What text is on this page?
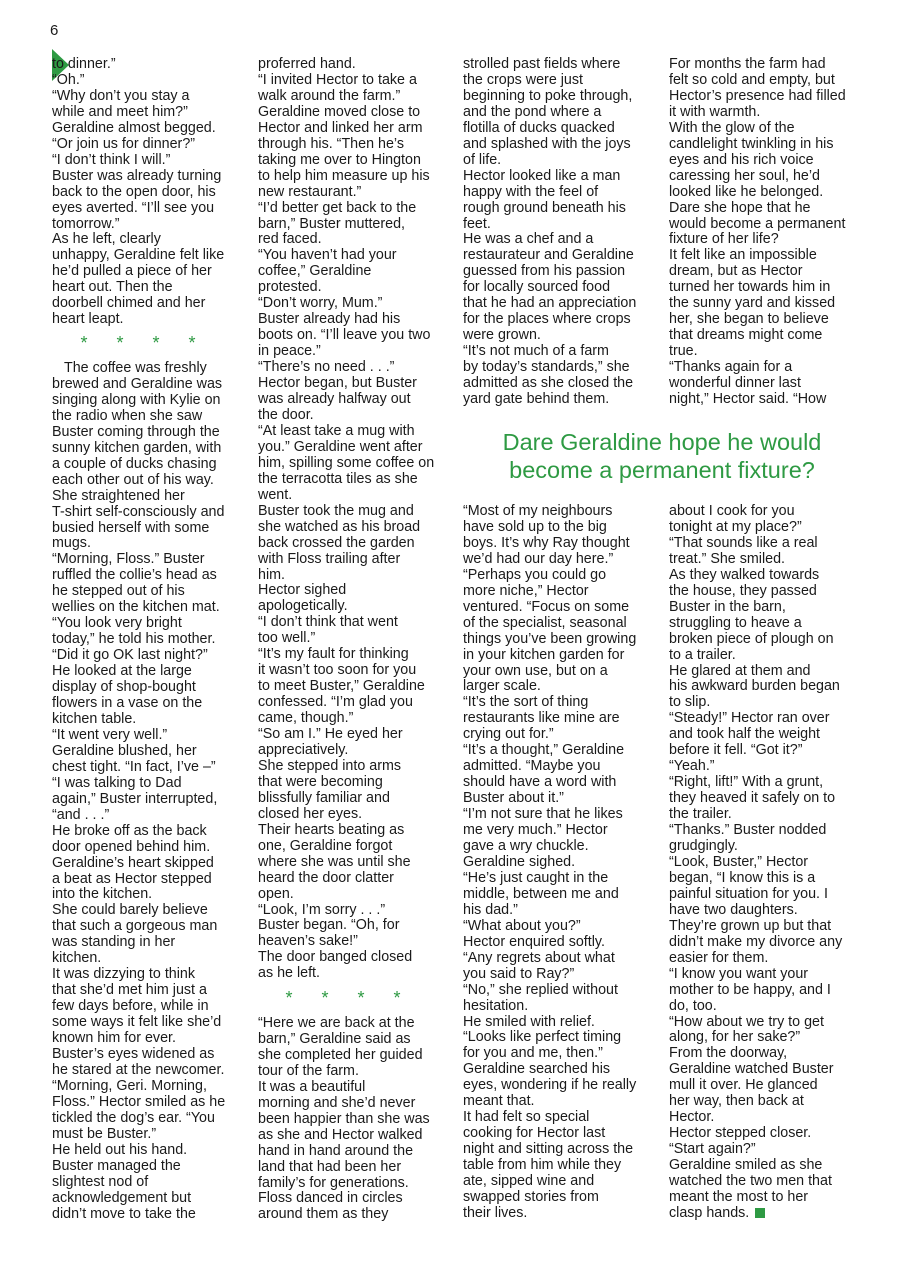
6
to dinner.”
“Oh.”
“Why don’t you stay a
while and meet him?”
Geraldine almost begged.
“Or join us for dinner?”
“I don’t think I will.”
Buster was already turning
back to the open door, his
eyes averted. “I’ll see you
tomorrow.”
As he left, clearly
unhappy, Geraldine felt like
he’d pulled a piece of her
heart out. Then the
doorbell chimed and her
heart leapt.
* * * *
The coffee was freshly
brewed and Geraldine was
singing along with Kylie on
the radio when she saw
Buster coming through the
sunny kitchen garden, with
a couple of ducks chasing
each other out of his way.
She straightened her
T-shirt self-consciously and
busied herself with some
mugs.
“Morning, Floss.” Buster
ruffled the collie’s head as
he stepped out of his
wellies on the kitchen mat.
“You look very bright
today,” he told his mother.
“Did it go OK last night?”
He looked at the large
display of shop-bought
flowers in a vase on the
kitchen table.
“It went very well.”
Geraldine blushed, her
chest tight. “In fact, I’ve –”
“I was talking to Dad
again,” Buster interrupted,
“and . . .”
He broke off as the back
door opened behind him.
Geraldine’s heart skipped
a beat as Hector stepped
into the kitchen.
She could barely believe
that such a gorgeous man
was standing in her
kitchen.
It was dizzying to think
that she’d met him just a
few days before, while in
some ways it felt like she’d
known him for ever.
Buster’s eyes widened as
he stared at the newcomer.
“Morning, Geri. Morning,
Floss.” Hector smiled as he
tickled the dog’s ear. “You
must be Buster.”
He held out his hand.
Buster managed the
slightest nod of
acknowledgement but
didn’t move to take the
proferred hand.
“I invited Hector to take a
walk around the farm.”
Geraldine moved close to
Hector and linked her arm
through his. “Then he’s
taking me over to Hington
to help him measure up his
new restaurant.”
“I’d better get back to the
barn,” Buster muttered,
red faced.
“You haven’t had your
coffee,” Geraldine
protested.
“Don’t worry, Mum.”
Buster already had his
boots on. “I’ll leave you two
in peace.”
“There’s no need . . .”
Hector began, but Buster
was already halfway out
the door.
“At least take a mug with
you.” Geraldine went after
him, spilling some coffee on
the terracotta tiles as she
went.
Buster took the mug and
she watched as his broad
back crossed the garden
with Floss trailing after
him.
Hector sighed
apologetically.
“I don’t think that went
too well.”
“It’s my fault for thinking
it wasn’t too soon for you
to meet Buster,” Geraldine
confessed. “I’m glad you
came, though.”
“So am I.” He eyed her
appreciatively.
She stepped into arms
that were becoming
blissfully familiar and
closed her eyes.
Their hearts beating as
one, Geraldine forgot
where she was until she
heard the door clatter
open.
“Look, I’m sorry . . .”
Buster began. “Oh, for
heaven’s sake!”
The door banged closed
as he left.
* * * *
“Here we are back at the
barn,” Geraldine said as
she completed her guided
tour of the farm.
It was a beautiful
morning and she’d never
been happier than she was
as she and Hector walked
hand in hand around the
land that had been her
family’s for generations.
Floss danced in circles
around them as they
strolled past fields where
the crops were just
beginning to poke through,
and the pond where a
flotilla of ducks quacked
and splashed with the joys
of life.
Hector looked like a man
happy with the feel of
rough ground beneath his
feet.
He was a chef and a
restaurateur and Geraldine
guessed from his passion
for locally sourced food
that he had an appreciation
for the places where crops
were grown.
“It’s not much of a farm
by today’s standards,” she
admitted as she closed the
yard gate behind them.
For months the farm had
felt so cold and empty, but
Hector’s presence had filled
it with warmth.
With the glow of the
candlelight twinkling in his
eyes and his rich voice
caressing her soul, he’d
looked like he belonged.
Dare she hope that he
would become a permanent
fixture of her life?
It felt like an impossible
dream, but as Hector
turned her towards him in
the sunny yard and kissed
her, she began to believe
that dreams might come
true.
“Thanks again for a
wonderful dinner last
night,” Hector said. “How
Dare Geraldine hope he would
become a permanent fixture?
“Most of my neighbours
have sold up to the big
boys. It’s why Ray thought
we’d had our day here.”
“Perhaps you could go
more niche,” Hector
ventured. “Focus on some
of the specialist, seasonal
things you’ve been growing
in your kitchen garden for
your own use, but on a
larger scale.
“It’s the sort of thing
restaurants like mine are
crying out for.”
“It’s a thought,” Geraldine
admitted. “Maybe you
should have a word with
Buster about it.”
“I’m not sure that he likes
me very much.” Hector
gave a wry chuckle.
Geraldine sighed.
“He’s just caught in the
middle, between me and
his dad.”
“What about you?”
Hector enquired softly.
“Any regrets about what
you said to Ray?”
“No,” she replied without
hesitation.
He smiled with relief.
“Looks like perfect timing
for you and me, then.”
Geraldine searched his
eyes, wondering if he really
meant that.
It had felt so special
cooking for Hector last
night and sitting across the
table from him while they
ate, sipped wine and
swapped stories from
their lives.
about I cook for you
tonight at my place?”
“That sounds like a real
treat.” She smiled.
As they walked towards
the house, they passed
Buster in the barn,
struggling to heave a
broken piece of plough on
to a trailer.
He glared at them and
his awkward burden began
to slip.
“Steady!” Hector ran over
and took half the weight
before it fell. “Got it?”
“Yeah.”
“Right, lift!” With a grunt,
they heaved it safely on to
the trailer.
“Thanks.” Buster nodded
grudgingly.
“Look, Buster,” Hector
began, “I know this is a
painful situation for you. I
have two daughters.
They’re grown up but that
didn’t make my divorce any
easier for them.
“I know you want your
mother to be happy, and I
do, too.
“How about we try to get
along, for her sake?”
From the doorway,
Geraldine watched Buster
mull it over. He glanced
her way, then back at
Hector.
Hector stepped closer.
“Start again?”
Geraldine smiled as she
watched the two men that
meant the most to her
clasp hands.
